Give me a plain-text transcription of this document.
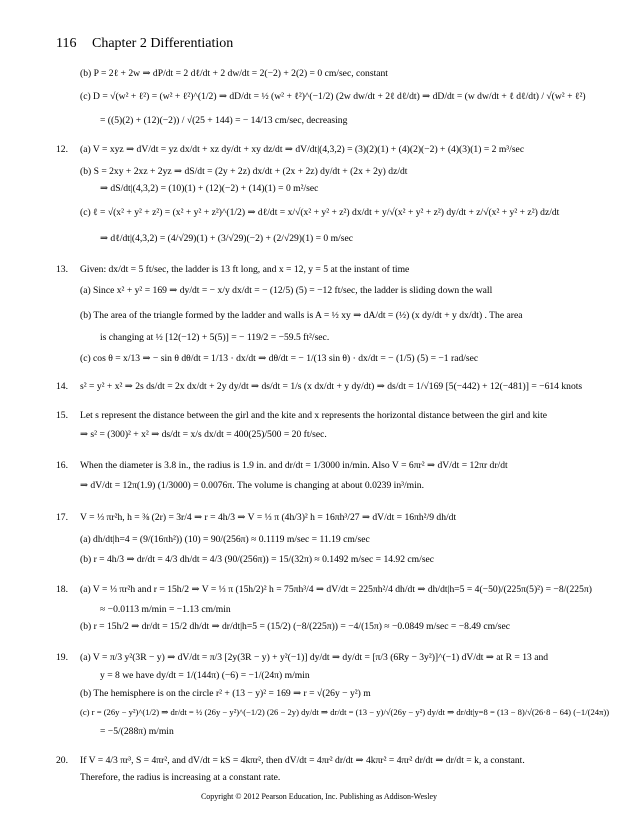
116 Chapter 2 Differentiation
(b) P = 2ℓ + 2w ⇒ dP/dt = 2 dℓ/dt + 2 dw/dt = 2(−2) + 2(2) = 0 cm/sec, constant
(c) D = √(w² + ℓ²) = (w² + ℓ²)^(1/2) ⇒ dD/dt = ½ (w² + ℓ²)^(−1/2) (2w dw/dt + 2ℓ dℓ/dt) ⇒ dD/dt = (w dw/dt + ℓ dℓ/dt) / √(w² + ℓ²)
= ((5)(2) + (12)(−2)) / √(25 + 144) = − 14/13 cm/sec, decreasing
12. (a) V = xyz ⇒ dV/dt = yz dx/dt + xz dy/dt + xy dz/dt ⇒ dV/dt|(4,3,2) = (3)(2)(1) + (4)(2)(−2) + (4)(3)(1) = 2 m³/sec
(b) S = 2xy + 2xz + 2yz ⇒ dS/dt = (2y + 2z) dx/dt + (2x + 2z) dy/dt + (2x + 2y) dz/dt
⇒ dS/dt|(4,3,2) = (10)(1) + (12)(−2) + (14)(1) = 0 m²/sec
(c) ℓ = √(x² + y² + z²) = (x² + y² + z²)^(1/2) ⇒ dℓ/dt = x/√(x² + y² + z²) dx/dt + y/√(x² + y² + z²) dy/dt + z/√(x² + y² + z²) dz/dt
⇒ dℓ/dt|(4,3,2) = (4/√29)(1) + (3/√29)(−2) + (2/√29)(1) = 0 m/sec
13. Given: dx/dt = 5 ft/sec, the ladder is 13 ft long, and x = 12, y = 5 at the instant of time
(a) Since x² + y² = 169 ⇒ dy/dt = − x/y dx/dt = − (12/5) (5) = −12 ft/sec, the ladder is sliding down the wall
(b) The area of the triangle formed by the ladder and walls is A = ½ xy ⇒ dA/dt = (½) (x dy/dt + y dx/dt) . The area
is changing at ½ [12(−12) + 5(5)] = − 119/2 = −59.5 ft²/sec.
(c) cos θ = x/13 ⇒ − sin θ dθ/dt = 1/13 · dx/dt ⇒ dθ/dt = − 1/(13 sin θ) · dx/dt = − (1/5) (5) = −1 rad/sec
14. s² = y² + x² ⇒ 2s ds/dt = 2x dx/dt + 2y dy/dt ⇒ ds/dt = 1/s (x dx/dt + y dy/dt) ⇒ ds/dt = 1/√169 [5(−442) + 12(−481)] = −614 knots
15. Let s represent the distance between the girl and the kite and x represents the horizontal distance between the girl and kite
⇒ s² = (300)² + x² ⇒ ds/dt = x/s dx/dt = 400(25)/500 = 20 ft/sec.
16. When the diameter is 3.8 in., the radius is 1.9 in. and dr/dt = 1/3000 in/min. Also V = 6πr² ⇒ dV/dt = 12πr dr/dt
⇒ dV/dt = 12π(1.9) (1/3000) = 0.0076π. The volume is changing at about 0.0239 in³/min.
17. V = ⅓ πr²h, h = ⅜ (2r) = 3r/4 ⇒ r = 4h/3 ⇒ V = ⅓ π (4h/3)² h = 16πh³/27 ⇒ dV/dt = 16πh²/9 dh/dt
(a) dh/dt|h=4 = (9/(16πh²)) (10) = 90/(256π) ≈ 0.1119 m/sec = 11.19 cm/sec
(b) r = 4h/3 ⇒ dr/dt = 4/3 dh/dt = 4/3 (90/(256π)) = 15/(32π) ≈ 0.1492 m/sec = 14.92 cm/sec
18. (a) V = ⅓ πr²h and r = 15h/2 ⇒ V = ⅓ π (15h/2)² h = 75πh³/4 ⇒ dV/dt = 225πh²/4 dh/dt ⇒ dh/dt|h=5 = 4(−50)/(225π(5)²) = −8/(225π)
≈ −0.0113 m/min = −1.13 cm/min
(b) r = 15h/2 ⇒ dr/dt = 15/2 dh/dt ⇒ dr/dt|h=5 = (15/2) (−8/(225π)) = −4/(15π) ≈ −0.0849 m/sec = −8.49 cm/sec
19. (a) V = π/3 y²(3R − y) ⇒ dV/dt = π/3 [2y(3R − y) + y²(−1)] dy/dt ⇒ dy/dt = [π/3 (6Ry − 3y²)]^(−1) dV/dt ⇒ at R = 13 and
y = 8 we have dy/dt = 1/(144π) (−6) = −1/(24π) m/min
(b) The hemisphere is on the circle r² + (13 − y)² = 169 ⇒ r = √(26y − y²) m
(c) r = (26y − y²)^(1/2) ⇒ dr/dt = ½ (26y − y²)^(−1/2) (26 − 2y) dy/dt ⇒ dr/dt = (13 − y)/√(26y − y²) dy/dt ⇒ dr/dt|y=8 = (13 − 8)/√(26·8 − 64) (−1/(24π))
= −5/(288π) m/min
20. If V = 4/3 πr³, S = 4πr², and dV/dt = kS = 4kπr², then dV/dt = 4πr² dr/dt ⇒ 4kπr² = 4πr² dr/dt ⇒ dr/dt = k, a constant.
Therefore, the radius is increasing at a constant rate.
Copyright © 2012 Pearson Education, Inc. Publishing as Addison-Wesley
